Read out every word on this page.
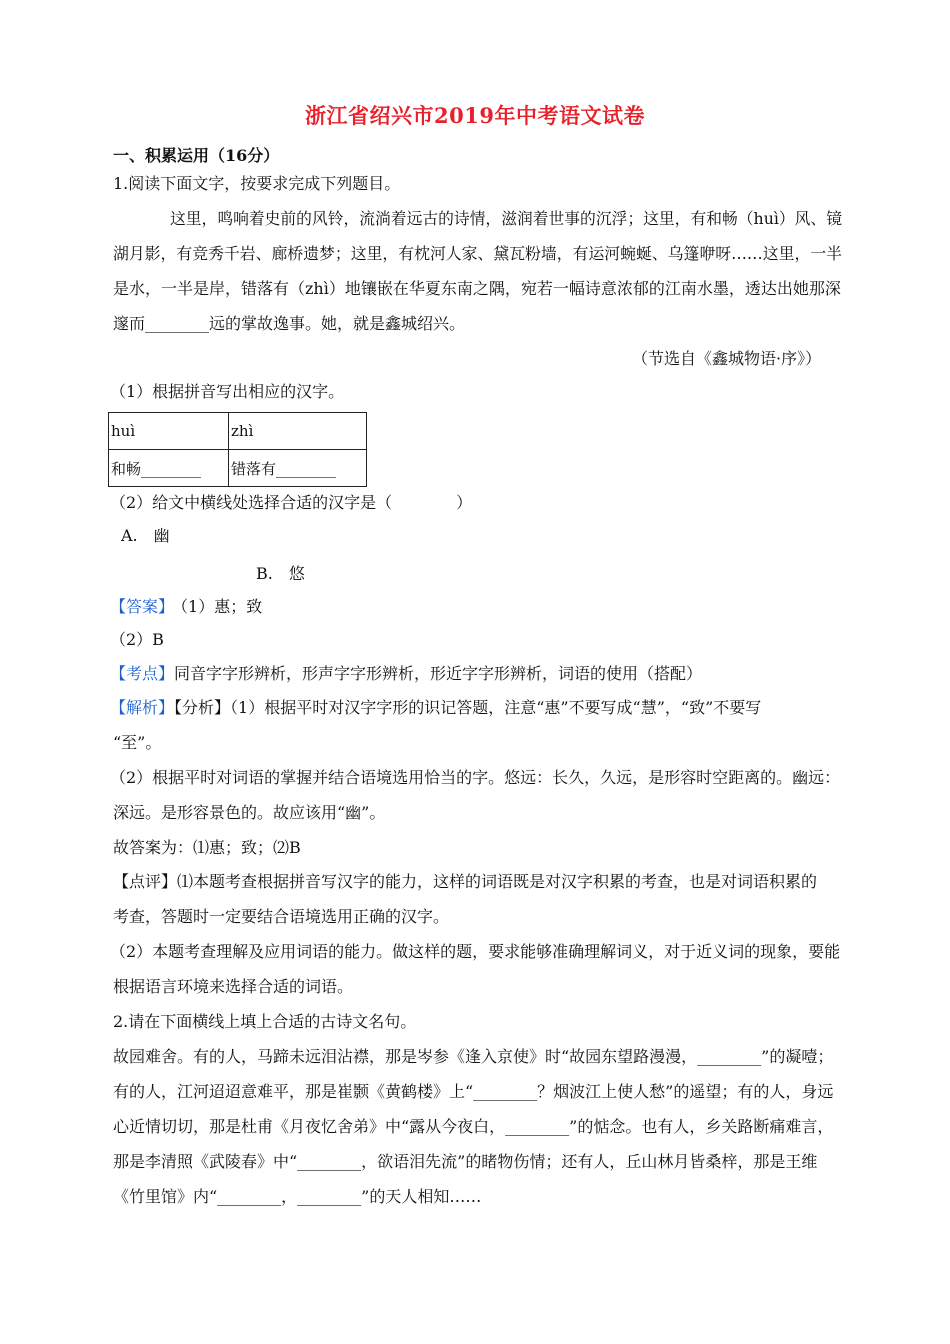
浙江省绍兴市2019年中考语文试卷
一、积累运用（16分）
1.阅读下面文字，按要求完成下列题目。
这里，鸣响着史前的风铃，流淌着远古的诗情，滋润着世事的沉浮；这里，有和畅（huì）风、镜
湖月影，有竞秀千岩、廊桥遗梦；这里，有枕河人家、黛瓦粉墙，有运河蜿蜒、乌篷咿呀……这里，一半
是水，一半是岸，错落有（zhì）地镶嵌在华夏东南之隅，宛若一幅诗意浓郁的江南水墨，透达出她那深
邃而________远的掌故逸事。她，就是鑫城绍兴。
（节选自《鑫城物语·序》）
（1）根据拼音写出相应的汉字。
huì	zhì
和畅________	错落有________
（2）给文中横线处选择合适的汉字是（　　　　）
A.　幽
B.　悠
【答案】 （1）惠；致
（2）B
【考点】同音字字形辨析，形声字字形辨析，形近字字形辨析，词语的使用（搭配）
【解析】【分析】（1）根据平时对汉字字形的识记答题，注意“惠”不要写成“慧”，“致”不要写
“至”。
（2）根据平时对词语的掌握并结合语境选用恰当的字。悠远：长久，久远，是形容时空距离的。幽远：
深远。是形容景色的。故应该用“幽”。
故答案为：⑴惠；致；⑵B
【点评】⑴本题考查根据拼音写汉字的能力，这样的词语既是对汉字积累的考查，也是对词语积累的
考查，答题时一定要结合语境选用正确的汉字。
（2）本题考查理解及应用词语的能力。做这样的题，要求能够准确理解词义，对于近义词的现象，要能
根据语言环境来选择合适的词语。
2.请在下面横线上填上合适的古诗文名句。
故园难舍。有的人，马蹄未远泪沾襟，那是岑参《逢入京使》时“故园东望路漫漫，________”的凝噎；
有的人，江河迢迢意难平，那是崔颢《黄鹤楼》上“________？烟波江上使人愁”的遥望；有的人，身远
心近情切切，那是杜甫《月夜忆舍弟》中“露从今夜白，________”的惦念。也有人，乡关路断痛难言，
那是李清照《武陵春》中“________，欲语泪先流”的睹物伤情；还有人，丘山林月皆桑梓，那是王维
《竹里馆》内“________，________”的天人相知……
